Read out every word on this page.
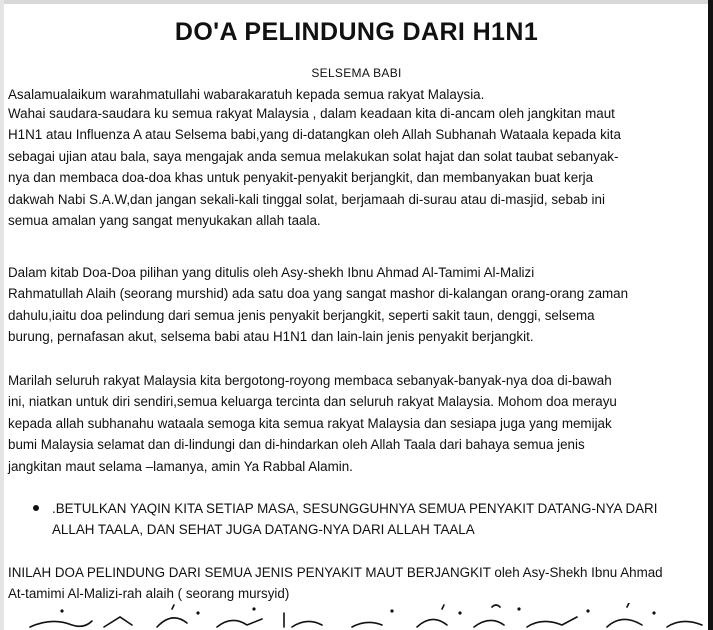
DO'A PELINDUNG DARI H1N1
SELSEMA BABI
Asalamualaikum warahmatullahi wabarakaratuh kepada semua rakyat Malaysia.
Wahai saudara-saudara ku semua rakyat Malaysia , dalam keadaan kita di-ancam oleh jangkitan maut
H1N1 atau Influenza A atau Selsema babi,yang di-datangkan oleh Allah Subhanah Wataala kepada kita
sebagai ujian atau bala, saya mengajak anda semua melakukan solat hajat dan solat taubat sebanyak-
nya dan membaca doa-doa khas untuk penyakit-penyakit berjangkit, dan membanyakan buat kerja
dakwah Nabi S.A.W,dan jangan sekali-kali tinggal solat, berjamaah di-surau atau di-masjid, sebab ini
semua amalan yang sangat menyukakan allah taala.
Dalam kitab Doa-Doa pilihan yang ditulis oleh Asy-shekh Ibnu Ahmad Al-Tamimi Al-Malizi
Rahmatullah Alaih (seorang murshid) ada satu doa yang sangat mashor di-kalangan orang-orang zaman
dahulu,iaitu doa pelindung dari semua jenis penyakit berjangkit, seperti sakit taun, denggi, selsema
burung, pernafasan akut, selsema babi atau H1N1 dan lain-lain jenis penyakit berjangkit.
Marilah seluruh rakyat Malaysia kita bergotong-royong membaca sebanyak-banyak-nya doa di-bawah
ini, niatkan untuk diri sendiri,semua keluarga tercinta dan seluruh rakyat Malaysia. Mohom doa merayu
kepada allah subhanahu wataala semoga kita semua rakyat Malaysia dan sesiapa juga yang memijak
bumi Malaysia selamat dan di-lindungi dan di-hindarkan oleh Allah Taala dari bahaya semua jenis
jangkitan maut selama –lamanya, amin Ya Rabbal Alamin.
.BETULKAN YAQIN KITA SETIAP MASA, SESUNGGUHNYA SEMUA PENYAKIT DATANG-NYA DARI
ALLAH TAALA, DAN SEHAT JUGA DATANG-NYA DARI ALLAH TAALA
INILAH DOA PELINDUNG DARI SEMUA JENIS PENYAKIT MAUT BERJANGKIT oleh Asy-Shekh Ibnu Ahmad
At-tamimi Al-Malizi-rah alaih ( seorang mursyid)
